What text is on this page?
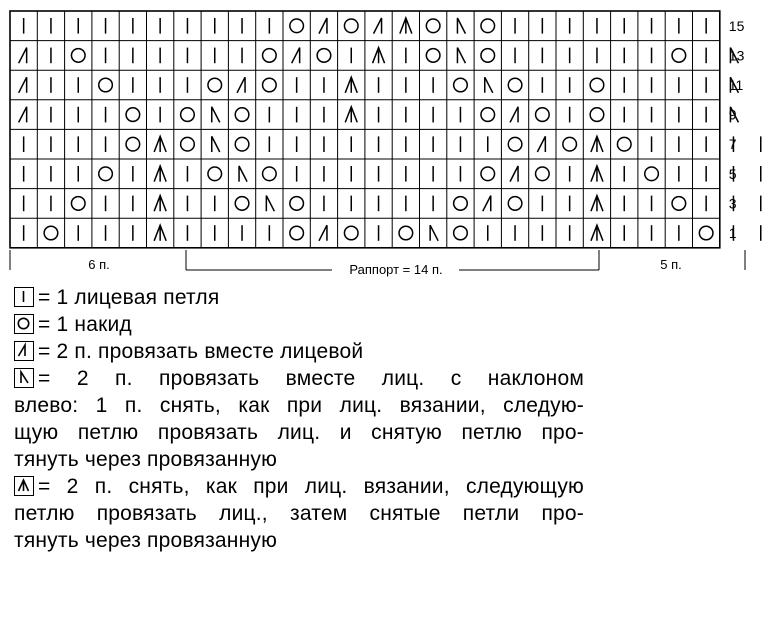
15
13
11
9
7
5
3
1
6 п.	Раппорт = 14 п.	5 п.
= 1 лицевая петля
= 1 накид
= 2 п. провязать вместе лицевой
= 2 п. провязать вместе лиц. с наклоном
влево: 1 п. снять, как при лиц. вязании, следую-
щую петлю провязать лиц. и снятую петлю про-
тянуть через провязанную
= 2 п. снять, как при лиц. вязании, следующую
петлю провязать лиц., затем снятые петли про-
тянуть через провязанную
